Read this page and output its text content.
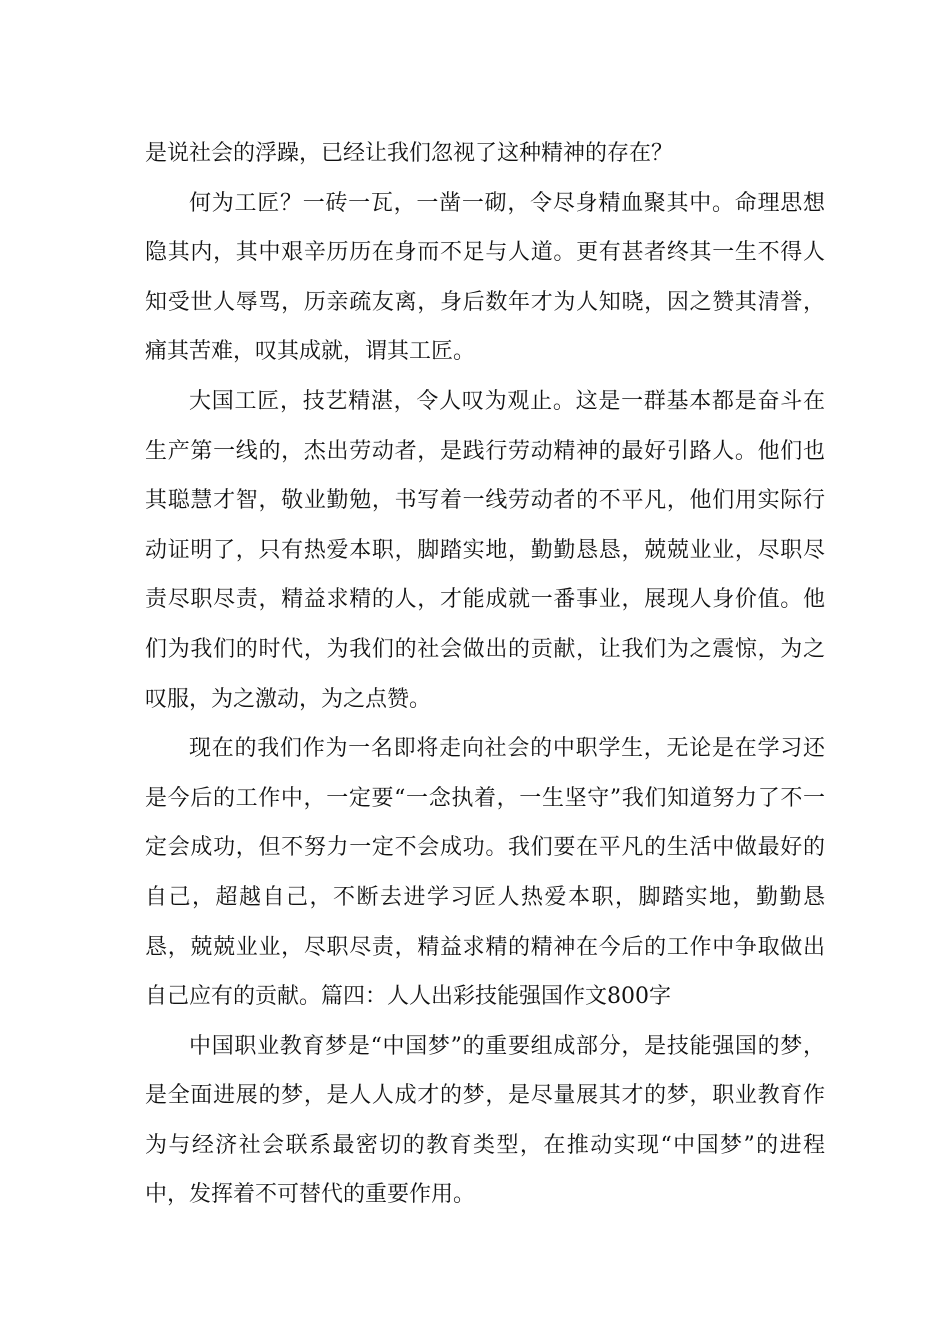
是说社会的浮躁，已经让我们忽视了这种精神的存在？

何为工匠？一砖一瓦，一凿一砌，令尽身精血聚其中。命理思想隐其内，其中艰辛历历在身而不足与人道。更有甚者终其一生不得人知受世人辱骂，历亲疏友离，身后数年才为人知晓，因之赞其清誉，痛其苦难，叹其成就，谓其工匠。

大国工匠，技艺精湛，令人叹为观止。这是一群基本都是奋斗在生产第一线的，杰出劳动者，是践行劳动精神的最好引路人。他们也其聪慧才智，敬业勤勉，书写着一线劳动者的不平凡，他们用实际行动证明了，只有热爱本职，脚踏实地，勤勤恳恳，兢兢业业，尽职尽责尽职尽责，精益求精的人，才能成就一番事业，展现人身价值。他们为我们的时代，为我们的社会做出的贡献，让我们为之震惊，为之叹服，为之激动，为之点赞。

现在的我们作为一名即将走向社会的中职学生，无论是在学习还是今后的工作中，一定要“一念执着，一生坚守”我们知道努力了不一定会成功，但不努力一定不会成功。我们要在平凡的生活中做最好的自己，超越自己，不断去进学习匠人热爱本职，脚踏实地，勤勤恳恳，兢兢业业，尽职尽责，精益求精的精神在今后的工作中争取做出自己应有的贡献。篇四：人人出彩技能强国作文800字

中国职业教育梦是“中国梦”的重要组成部分，是技能强国的梦，是全面进展的梦，是人人成才的梦，是尽量展其才的梦，职业教育作为与经济社会联系最密切的教育类型，在推动实现“中国梦”的进程中，发挥着不可替代的重要作用。
